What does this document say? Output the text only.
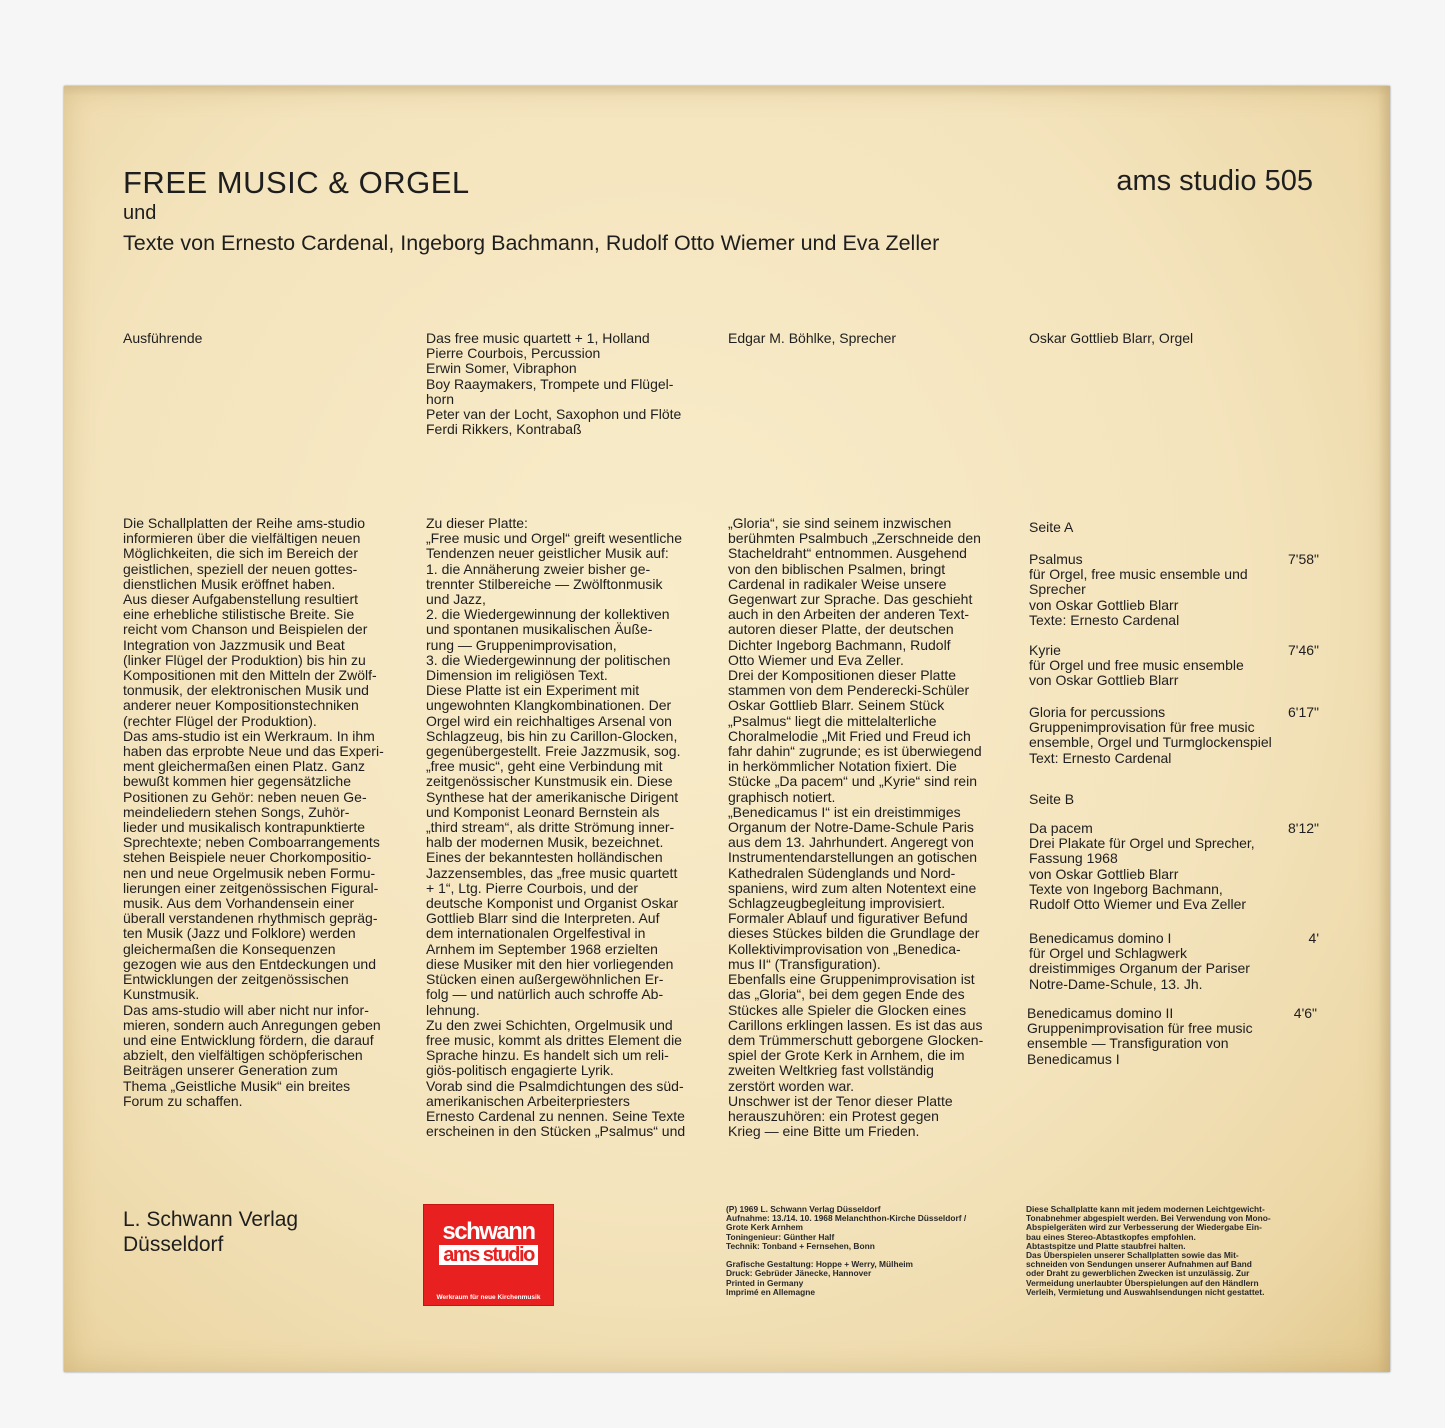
FREE MUSIC & ORGEL	ams studio 505
und
Texte von Ernesto Cardenal, Ingeborg Bachmann, Rudolf Otto Wiemer und Eva Zeller
Ausführende	Das free music quartett + 1, Holland
Pierre Courbois, Percussion
Erwin Somer, Vibraphon
Boy Raaymakers, Trompete und Flügel-
horn
Peter van der Locht, Saxophon und Flöte
Ferdi Rikkers, Kontrabaß
Edgar M. Böhlke, Sprecher	Oskar Gottlieb Blarr, Orgel
Die Schallplatten der Reihe ams-studio
informieren über die vielfältigen neuen
Möglichkeiten, die sich im Bereich der
geistlichen, speziell der neuen gottes-
dienstlichen Musik eröffnet haben.
Aus dieser Aufgabenstellung resultiert
eine erhebliche stilistische Breite. Sie
reicht vom Chanson und Beispielen der
Integration von Jazzmusik und Beat
(linker Flügel der Produktion) bis hin zu
Kompositionen mit den Mitteln der Zwölf-
tonmusik, der elektronischen Musik und
anderer neuer Kompositionstechniken
(rechter Flügel der Produktion).
Das ams-studio ist ein Werkraum. In ihm
haben das erprobte Neue und das Experi-
ment gleichermaßen einen Platz. Ganz
bewußt kommen hier gegensätzliche
Positionen zu Gehör: neben neuen Ge-
meindeliedern stehen Songs, Zuhör-
lieder und musikalisch kontrapunktierte
Sprechtexte; neben Comboarrangements
stehen Beispiele neuer Chorkompositio-
nen und neue Orgelmusik neben Formu-
lierungen einer zeitgenössischen Figural-
musik. Aus dem Vorhandensein einer
überall verstandenen rhythmisch gepräg-
ten Musik (Jazz und Folklore) werden
gleichermaßen die Konsequenzen
gezogen wie aus den Entdeckungen und
Entwicklungen der zeitgenössischen
Kunstmusik.
Das ams-studio will aber nicht nur infor-
mieren, sondern auch Anregungen geben
und eine Entwicklung fördern, die darauf
abzielt, den vielfältigen schöpferischen
Beiträgen unserer Generation zum
Thema „Geistliche Musik“ ein breites
Forum zu schaffen.
Zu dieser Platte:
„Free music und Orgel“ greift wesentliche
Tendenzen neuer geistlicher Musik auf:
1. die Annäherung zweier bisher ge-
trennter Stilbereiche — Zwölftonmusik
und Jazz,
2. die Wiedergewinnung der kollektiven
und spontanen musikalischen Äuße-
rung — Gruppenimprovisation,
3. die Wiedergewinnung der politischen
Dimension im religiösen Text.
Diese Platte ist ein Experiment mit
ungewohnten Klangkombinationen. Der
Orgel wird ein reichhaltiges Arsenal von
Schlagzeug, bis hin zu Carillon-Glocken,
gegenübergestellt. Freie Jazzmusik, sog.
„free music“, geht eine Verbindung mit
zeitgenössischer Kunstmusik ein. Diese
Synthese hat der amerikanische Dirigent
und Komponist Leonard Bernstein als
„third stream“, als dritte Strömung inner-
halb der modernen Musik, bezeichnet.
Eines der bekanntesten holländischen
Jazzensembles, das „free music quartett
+ 1“, Ltg. Pierre Courbois, und der
deutsche Komponist und Organist Oskar
Gottlieb Blarr sind die Interpreten. Auf
dem internationalen Orgelfestival in
Arnhem im September 1968 erzielten
diese Musiker mit den hier vorliegenden
Stücken einen außergewöhnlichen Er-
folg — und natürlich auch schroffe Ab-
lehnung.
Zu den zwei Schichten, Orgelmusik und
free music, kommt als drittes Element die
Sprache hinzu. Es handelt sich um reli-
giös-politisch engagierte Lyrik.
Vorab sind die Psalmdichtungen des süd-
amerikanischen Arbeiterpriesters
Ernesto Cardenal zu nennen. Seine Texte
erscheinen in den Stücken „Psalmus“ und
„Gloria“, sie sind seinem inzwischen
berühmten Psalmbuch „Zerschneide den
Stacheldraht“ entnommen. Ausgehend
von den biblischen Psalmen, bringt
Cardenal in radikaler Weise unsere
Gegenwart zur Sprache. Das geschieht
auch in den Arbeiten der anderen Text-
autoren dieser Platte, der deutschen
Dichter Ingeborg Bachmann, Rudolf
Otto Wiemer und Eva Zeller.
Drei der Kompositionen dieser Platte
stammen von dem Penderecki-Schüler
Oskar Gottlieb Blarr. Seinem Stück
„Psalmus“ liegt die mittelalterliche
Choralmelodie „Mit Fried und Freud ich
fahr dahin“ zugrunde; es ist überwiegend
in herkömmlicher Notation fixiert. Die
Stücke „Da pacem“ und „Kyrie“ sind rein
graphisch notiert.
„Benedicamus I“ ist ein dreistimmiges
Organum der Notre-Dame-Schule Paris
aus dem 13. Jahrhundert. Angeregt von
Instrumentendarstellungen an gotischen
Kathedralen Südenglands und Nord-
spaniens, wird zum alten Notentext eine
Schlagzeugbegleitung improvisiert.
Formaler Ablauf und figurativer Befund
dieses Stückes bilden die Grundlage der
Kollektivimprovisation von „Benedica-
mus II“ (Transfiguration).
Ebenfalls eine Gruppenimprovisation ist
das „Gloria“, bei dem gegen Ende des
Stückes alle Spieler die Glocken eines
Carillons erklingen lassen. Es ist das aus
dem Trümmerschutt geborgene Glocken-
spiel der Grote Kerk in Arnhem, die im
zweiten Weltkrieg fast vollständig
zerstört worden war.
Unschwer ist der Tenor dieser Platte
herauszuhören: ein Protest gegen
Krieg — eine Bitte um Frieden.
Seite A
Psalmus	7'58"
für Orgel, free music ensemble und
Sprecher
von Oskar Gottlieb Blarr
Texte: Ernesto Cardenal
Kyrie	7'46"
für Orgel und free music ensemble
von Oskar Gottlieb Blarr
Gloria for percussions	6'17"
Gruppenimprovisation für free music
ensemble, Orgel und Turmglockenspiel
Text: Ernesto Cardenal
Seite B
Da pacem	8'12"
Drei Plakate für Orgel und Sprecher,
Fassung 1968
von Oskar Gottlieb Blarr
Texte von Ingeborg Bachmann,
Rudolf Otto Wiemer und Eva Zeller
Benedicamus domino I	4'
für Orgel und Schlagwerk
dreistimmiges Organum der Pariser
Notre-Dame-Schule, 13. Jh.
Benedicamus domino II	4'6"
Gruppenimprovisation für free music
ensemble — Transfiguration von
Benedicamus I
L. Schwann Verlag
Düsseldorf	schwann
ams studio
Werkraum für neue Kirchenmusik
(P) 1969 L. Schwann Verlag Düsseldorf
Aufnahme: 13./14. 10. 1968 Melanchthon-Kirche Düsseldorf /
Grote Kerk Arnhem
Toningenieur: Günther Half
Technik: Tonband + Fernsehen, Bonn

Grafische Gestaltung: Hoppe + Werry, Mülheim
Druck: Gebrüder Jänecke, Hannover
Printed in Germany
Imprimé en Allemagne
Diese Schallplatte kann mit jedem modernen Leichtgewicht-
Tonabnehmer abgespielt werden. Bei Verwendung von Mono-
Abspielgeräten wird zur Verbesserung der Wiedergabe Ein-
bau eines Stereo-Abtastkopfes empfohlen.
Abtastspitze und Platte staubfrei halten.
Das Überspielen unserer Schallplatten sowie das Mit-
schneiden von Sendungen unserer Aufnahmen auf Band
oder Draht zu gewerblichen Zwecken ist unzulässig. Zur
Vermeidung unerlaubter Überspielungen auf den Händlern
Verleih, Vermietung und Auswahlsendungen nicht gestattet.
